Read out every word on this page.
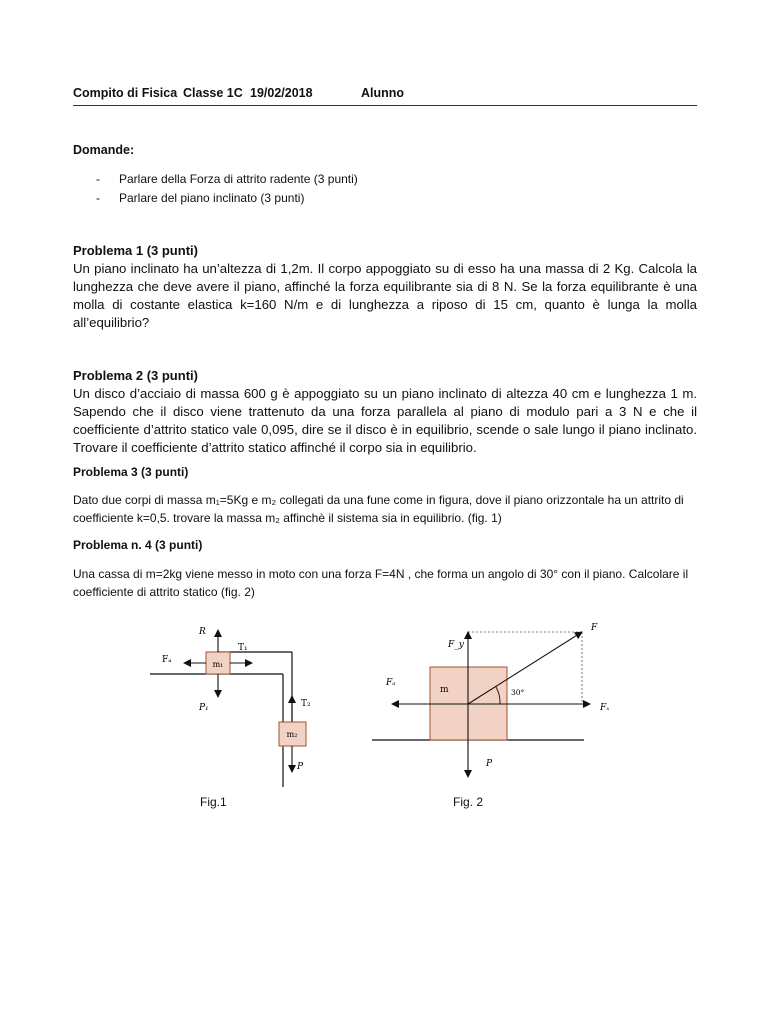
Compito di Fisica Classe 1C 19/02/2018	Alunno
Domande:
- Parlare della Forza di attrito radente (3 punti)
- Parlare del piano inclinato (3 punti)
Problema 1 (3 punti)
Un piano inclinato ha un’altezza di 1,2m. Il corpo appoggiato su di esso ha una massa di 2 Kg. Calcola la lunghezza che deve avere il piano, affinché la forza equilibrante sia di 8 N. Se la forza equilibrante è una molla di costante elastica k=160 N/m e di lunghezza a riposo di 15 cm, quanto è lunga la molla all’equilibrio?
Problema 2 (3 punti)
Un disco d’acciaio di massa 600 g è appoggiato su un piano inclinato di altezza 40 cm e lunghezza 1 m. Sapendo che il disco viene trattenuto da una forza parallela al piano di modulo pari a 3 N e che il coefficiente d’attrito statico vale 0,095, dire se il disco è in equilibrio, scende o sale lungo il piano inclinato. Trovare il coefficiente d’attrito statico affinché il corpo sia in equilibrio.
Problema 3 (3 punti)
Dato due corpi di massa m₁=5Kg e m₂ collegati da una fune come in figura, dove il piano orizzontale ha un attrito di coefficiente k=0,5. trovare la massa m₂ affinchè il sistema sia in equilibrio. (fig. 1)
Problema n. 4 (3 punti)
Una cassa di m=2kg viene messo in moto con una forza F=4N , che forma un angolo di 30° con il piano. Calcolare il coefficiente di attrito statico (fig. 2)
m₁
R
T₁
Fₐ
P₁	T₂
m₂
P
Fig.1
m
F
F_y
Fₓ
Fₐ
P
30°
Fig. 2
